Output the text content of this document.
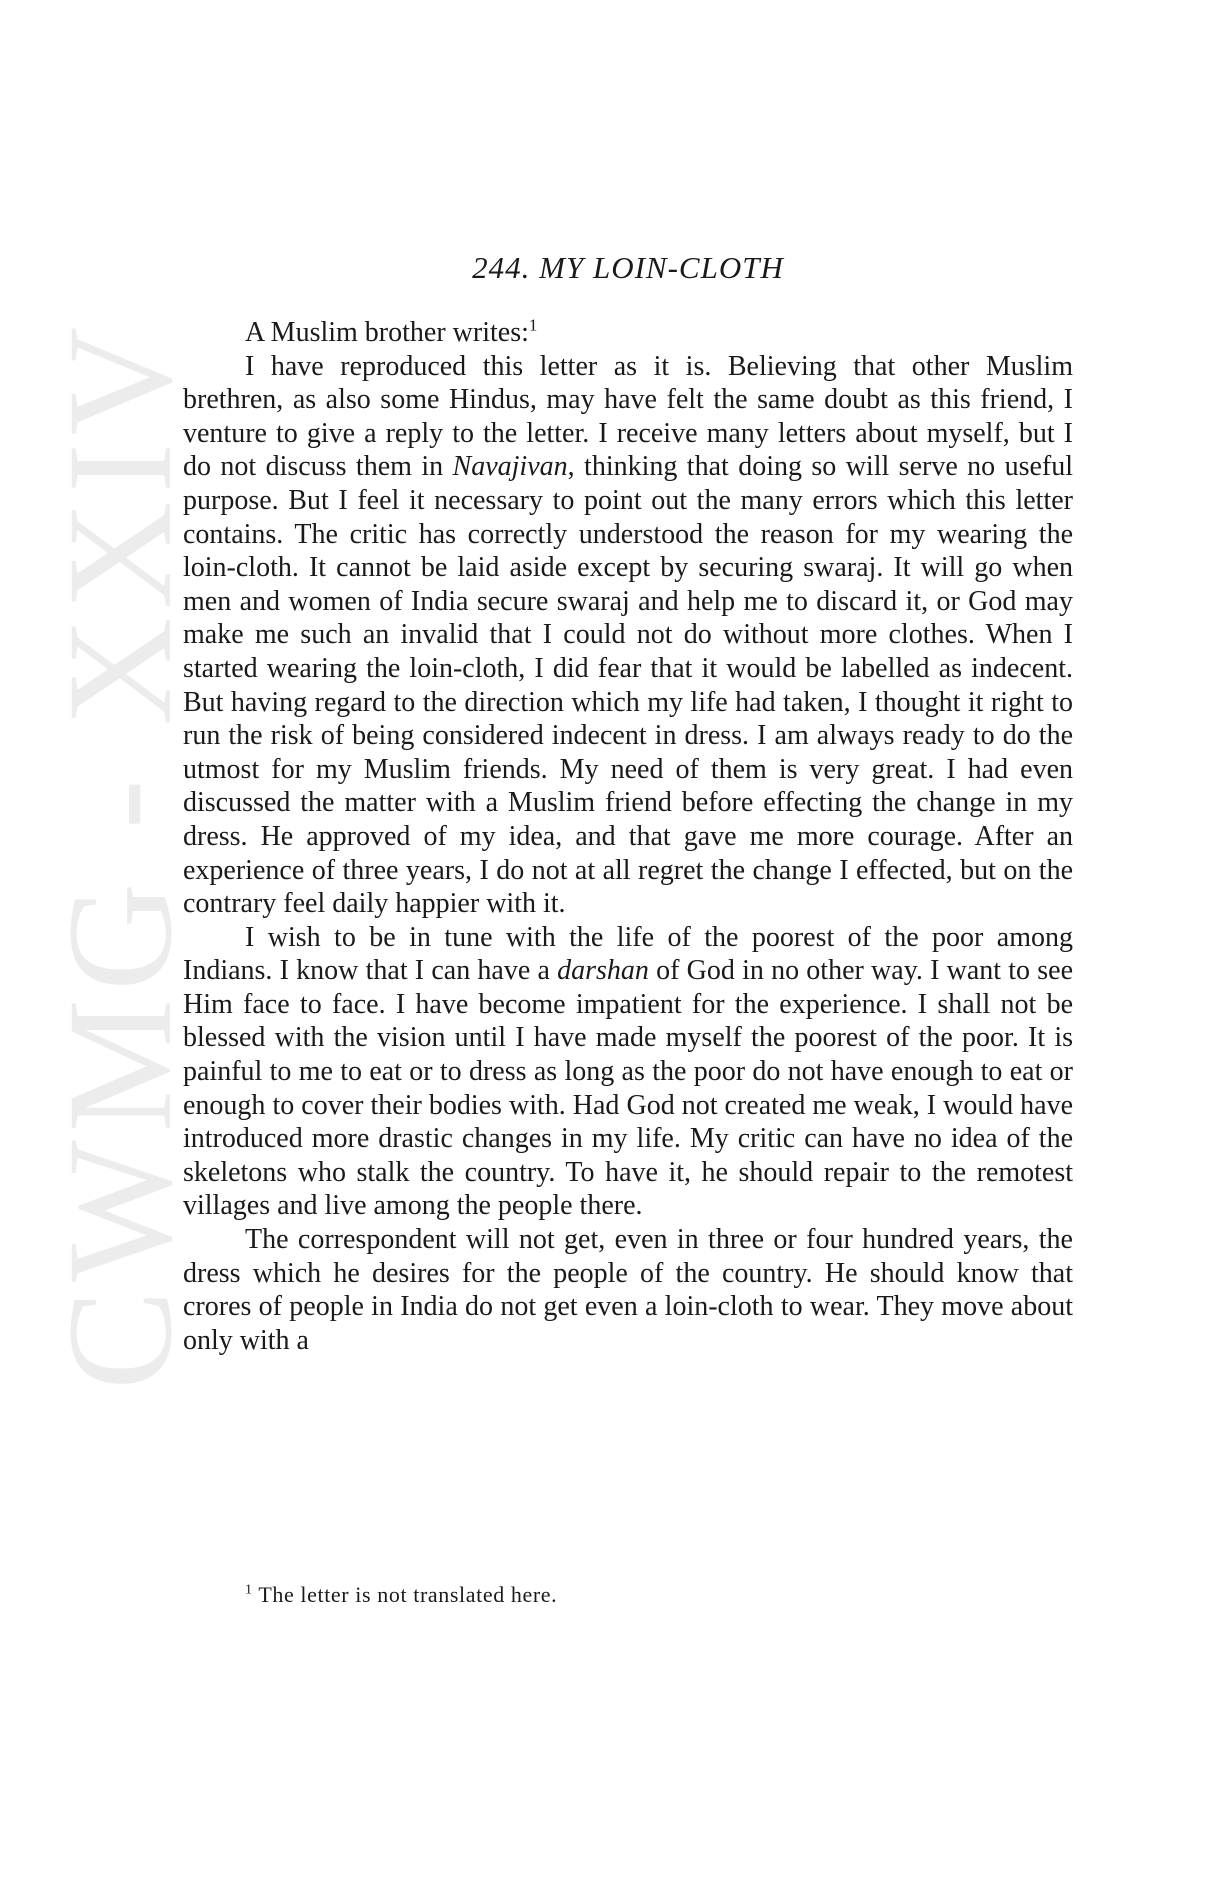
CWMG - XXIV
244. MY LOIN-CLOTH

A Muslim brother writes:$^1$

I have reproduced this letter as it is. Believing that other Muslim brethren, as also some Hindus, may have felt the same doubt as this friend, I venture to give a reply to the letter. I receive many letters about myself, but I do not discuss them in Navajivan, thinking that doing so will serve no useful purpose. But I feel it necessary to point out the many errors which this letter contains. The critic has correctly understood the reason for my wearing the loin-cloth. It cannot be laid aside except by securing swaraj. It will go when men and women of India secure swaraj and help me to discard it, or God may make me such an invalid that I could not do without more clothes. When I started wearing the loin-cloth, I did fear that it would be labelled as indecent. But having regard to the direction which my life had taken, I thought it right to run the risk of being considered indecent in dress. I am always ready to do the utmost for my Muslim friends. My need of them is very great. I had even discussed the matter with a Muslim friend before effecting the change in my dress. He approved of my idea, and that gave me more courage. After an experience of three years, I do not at all regret the change I effected, but on the contrary feel daily happier with it.

I wish to be in tune with the life of the poorest of the poor among Indians. I know that I can have a darshan of God in no other way. I want to see Him face to face. I have become impatient for the experience. I shall not be blessed with the vision until I have made myself the poorest of the poor. It is painful to me to eat or to dress as long as the poor do not have enough to eat or enough to cover their bodies with. Had God not created me weak, I would have introduced more drastic changes in my life. My critic can have no idea of the skeletons who stalk the country. To have it, he should repair to the remotest villages and live among the people there.

The correspondent will not get, even in three or four hundred years, the dress which he desires for the people of the country. He should know that crores of people in India do not get even a loin-cloth to wear. They move about only with a

$^1$ The letter is not translated here.
